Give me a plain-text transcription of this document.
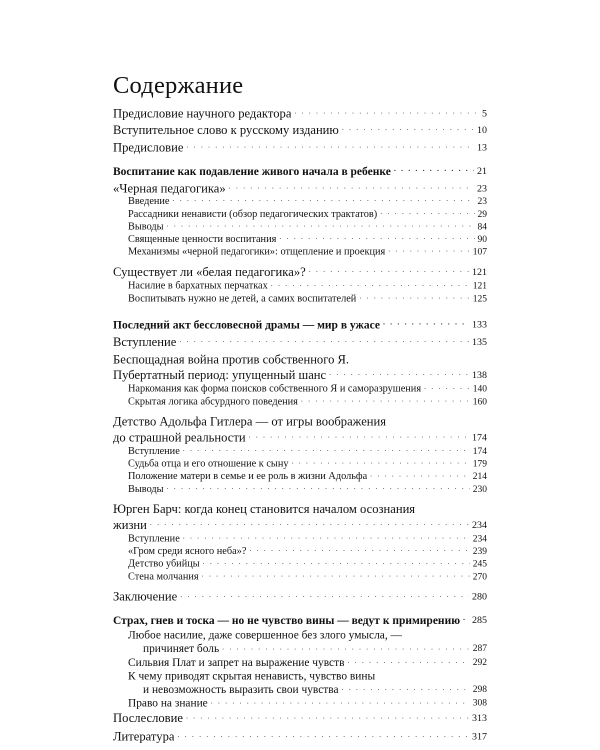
Содержание
Предисловие научного редактора . . .	5
Вступительное слово к русскому изданию . . .	10
Предисловие . . .	13
Воспитание как подавление живого начала в ребенке . . .	21
«Черная педагогика» . . .	23
Введение . . .	23
Рассадники ненависти (обзор педагогических трактатов) . . .	29
Выводы . . .	84
Священные ценности воспитания . . .	90
Механизмы «черной педагогики»: отщепление и проекция . . .	107
Существует ли «белая педагогика»? . . .	121
Насилие в бархатных перчатках . . .	121
Воспитывать нужно не детей, а самих воспитателей . . .	125
Последний акт бессловесной драмы — мир в ужасе . . .	133
Вступление . . .	135
Беспощадная война против собственного Я.
Пубертатный период: упущенный шанс . . .	138
Наркомания как форма поисков собственного Я и саморазрушения . . .	140
Скрытая логика абсурдного поведения . . .	160
Детство Адольфа Гитлера — от игры воображения
до страшной реальности . . .	174
Вступление . . .	174
Судьба отца и его отношение к сыну . . .	179
Положение матери в семье и ее роль в жизни Адольфа . . .	214
Выводы . . .	230
Юрген Барч: когда конец становится началом осознания
жизни . . .	234
Вступление . . .	234
«Гром среди ясного неба»? . . .	239
Детство убийцы . . .	245
Стена молчания . . .	270
Заключение . . .	280
Страх, гнев и тоска — но не чувство вины — ведут к примирению . . . 285
Любое насилие, даже совершенное без злого умысла, —
причиняет боль . . .	287
Сильвия Плат и запрет на выражение чувств . . .	292
К чему приводят скрытая ненависть, чувство вины
и невозможность выразить свои чувства . . .	298
Право на знание . . .	308
Послесловие . . .	313
Литература . . .	317
